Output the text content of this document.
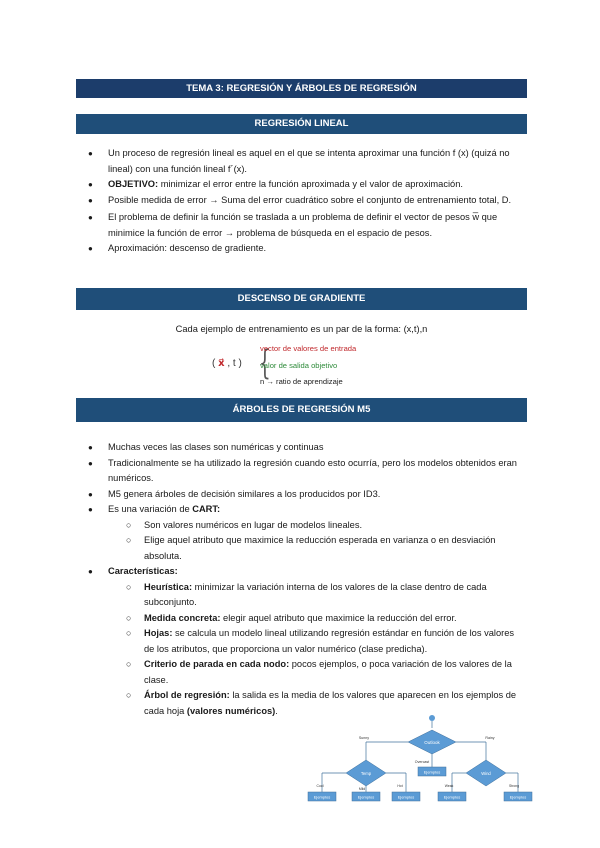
TEMA 3: REGRESIÓN Y ÁRBOLES DE REGRESIÓN
REGRESIÓN LINEAL
● Un proceso de regresión lineal es aquel en el que se intenta aproximar una función f (x) (quizá no lineal) con una función lineal f´(x).
● OBJETIVO: minimizar el error entre la función aproximada y el valor de aproximación.
● Posible medida de error → Suma del error cuadrático sobre el conjunto de entrenamiento total, D.
● El problema de definir la función se traslada a un problema de definir el vector de pesos w̅ que minimice la función de error → problema de búsqueda en el espacio de pesos.
● Aproximación: descenso de gradiente.
DESCENSO DE GRADIENTE
Cada ejemplo de entrenamiento es un par de la forma: (x,t),n
( x⃗ , t ) {
vector de valores de entrada
valor de salida objetivo
n → ratio de aprendizaje
ÁRBOLES DE REGRESIÓN M5
● Muchas veces las clases son numéricas y continuas
● Tradicionalmente se ha utilizado la regresión cuando esto ocurría, pero los modelos obtenidos eran numéricos.
● M5 genera árboles de decisión similares a los producidos por ID3.
● Es una variación de CART:
○ Son valores numéricos en lugar de modelos lineales.
○ Elige aquel atributo que maximice la reducción esperada en varianza o en desviación absoluta.
● Características:
○ Heurística: minimizar la variación interna de los valores de la clase dentro de cada subconjunto.
○ Medida concreta: elegir aquel atributo que maximice la reducción del error.
○ Hojas: se calcula un modelo lineal utilizando regresión estándar en función de los valores de los atributos, que proporciona un valor numérico (clase predicha).
○ Criterio de parada en cada nodo: pocos ejemplos, o poca variación de los valores de la clase.
○ Árbol de regresión: la salida es la media de los valores que aparecen en los ejemplos de cada hoja (valores numéricos).
Outlook
Sunny
Overcast
Rainy
Ejemplos
Temp	Wind
Cool
Mild
Hot	Weak	Strong
Ejemplos	Ejemplos	Ejemplos	Ejemplos	Ejemplos
